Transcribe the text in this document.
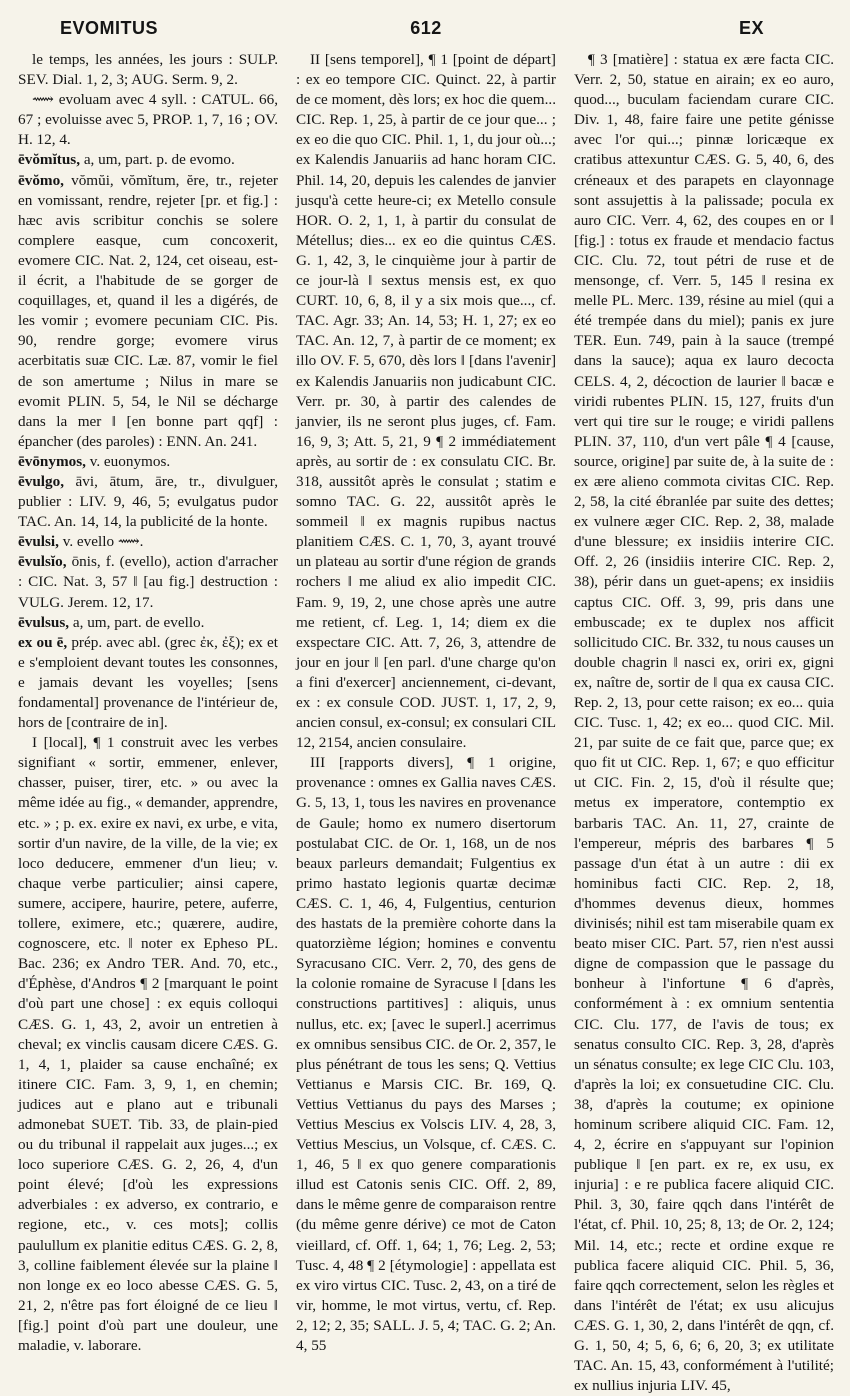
EVOMITUS	612	EX

le temps, les années, les jours : SULP. SEV. Dial. 1, 2, 3; AUG. Serm. 9, 2.

⟿ evoluam avec 4 syll. : CATUL. 66, 67 ; evoluisse avec 5, PROP. 1, 7, 16 ; OV. H. 12, 4.

ēvŏmĭtus, a, um, part. p. de evomo.

ēvŏmo, vŏmŭi, vŏmĭtum, ĕre, tr., rejeter en vomissant, rendre, rejeter [pr. et fig.] : hæc avis scribitur conchis se solere complere easque, cum concoxerit, evomere CIC. Nat. 2, 124, cet oiseau, est-il écrit, a l'habitude de se gorger de coquillages, et, quand il les a digérés, de les vomir ; evomere pecuniam CIC. Pis. 90, rendre gorge; evomere virus acerbitatis suæ CIC. Læ. 87, vomir le fiel de son amertume ; Nilus in mare se evomit PLIN. 5, 54, le Nil se décharge dans la mer ‖ [en bonne part qqf] : épancher (des paroles) : ENN. An. 241.

ēvōnymos, v. euonymos.

ēvulgo, āvi, ātum, āre, tr., divulguer, publier : LIV. 9, 46, 5; evulgatus pudor TAC. An. 14, 14, la publicité de la honte.

ēvulsi, v. evello ⟿.

ēvulsĭo, ōnis, f. (evello), action d'arracher : CIC. Nat. 3, 57 ‖ [au fig.] destruction : VULG. Jerem. 12, 17.

ēvulsus, a, um, part. de evello.

ex ou ē, prép. avec abl. (grec ἐκ, ἐξ); ex et e s'emploient devant toutes les consonnes, e jamais devant les voyelles; [sens fondamental] provenance de l'intérieur de, hors de [contraire de in].

I [local], ¶ 1 construit avec les verbes signifiant « sortir, emmener, enlever, chasser, puiser, tirer, etc. » ou avec la même idée au fig., « demander, apprendre, etc. » ; p. ex. exire ex navi, ex urbe, e vita, sortir d'un navire, de la ville, de la vie; ex loco deducere, emmener d'un lieu; v. chaque verbe particulier; ainsi capere, sumere, accipere, haurire, petere, auferre, tollere, eximere, etc.; quærere, audire, cognoscere, etc. ‖ noter ex Epheso PL. Bac. 236; ex Andro TER. And. 70, etc., d'Éphèse, d'Andros ¶ 2 [marquant le point d'où part une chose] : ex equis colloqui CÆS. G. 1, 43, 2, avoir un entretien à cheval; ex vinclis causam dicere CÆS. G. 1, 4, 1, plaider sa cause enchaîné; ex itinere CIC. Fam. 3, 9, 1, en chemin; judices aut e plano aut e tribunali admonebat SUET. Tib. 33, de plain-pied ou du tribunal il rappelait aux juges...; ex loco superiore CÆS. G. 2, 26, 4, d'un point élevé; [d'où les expressions adverbiales : ex adverso, ex contrario, e regione, etc., v. ces mots]; collis paulullum ex planitie editus CÆS. G. 2, 8, 3, colline faiblement élevée sur la plaine ‖ non longe ex eo loco abesse CÆS. G. 5, 21, 2, n'être pas fort éloigné de ce lieu ‖ [fig.] point d'où part une douleur, une maladie, v. laborare.

II [sens temporel], ¶ 1 [point de départ] : ex eo tempore CIC. Quinct. 22, à partir de ce moment, dès lors; ex hoc die quem... CIC. Rep. 1, 25, à partir de ce jour que... ; ex eo die quo CIC. Phil. 1, 1, du jour où...; ex Kalendis Januariis ad hanc horam CIC. Phil. 14, 20, depuis les calendes de janvier jusqu'à cette heure-ci; ex Metello consule HOR. O. 2, 1, 1, à partir du consulat de Métellus; dies... ex eo die quintus CÆS. G. 1, 42, 3, le cinquième jour à partir de ce jour-là ‖ sextus mensis est, ex quo CURT. 10, 6, 8, il y a six mois que..., cf. TAC. Agr. 33; An. 14, 53; H. 1, 27; ex eo TAC. An. 12, 7, à partir de ce moment; ex illo OV. F. 5, 670, dès lors ‖ [dans l'avenir] ex Kalendis Januariis non judicabunt CIC. Verr. pr. 30, à partir des calendes de janvier, ils ne seront plus juges, cf. Fam. 16, 9, 3; Att. 5, 21, 9 ¶ 2 immédiatement après, au sortir de : ex consulatu CIC. Br. 318, aussitôt après le consulat ; statim e somno TAC. G. 22, aussitôt après le sommeil ‖ ex magnis rupibus nactus planitiem CÆS. C. 1, 70, 3, ayant trouvé un plateau au sortir d'une région de grands rochers ‖ me aliud ex alio impedit CIC. Fam. 9, 19, 2, une chose après une autre me retient, cf. Leg. 1, 14; diem ex die exspectare CIC. Att. 7, 26, 3, attendre de jour en jour ‖ [en parl. d'une charge qu'on a fini d'exercer] anciennement, ci-devant, ex : ex consule COD. JUST. 1, 17, 2, 9, ancien consul, ex-consul; ex consulari CIL 12, 2154, ancien consulaire.

III [rapports divers], ¶ 1 origine, provenance : omnes ex Gallia naves CÆS. G. 5, 13, 1, tous les navires en provenance de Gaule; homo ex numero disertorum postulabat CIC. de Or. 1, 168, un de nos beaux parleurs demandait; Fulgentius ex primo hastato legionis quartæ decimæ CÆS. C. 1, 46, 4, Fulgentius, centurion des hastats de la première cohorte dans la quatorzième légion; homines e conventu Syracusano CIC. Verr. 2, 70, des gens de la colonie romaine de Syracuse ‖ [dans les constructions partitives] : aliquis, unus nullus, etc. ex; [avec le superl.] acerrimus ex omnibus sensibus CIC. de Or. 2, 357, le plus pénétrant de tous les sens; Q. Vettius Vettianus e Marsis CIC. Br. 169, Q. Vettius Vettianus du pays des Marses ; Vettius Mescius ex Volscis LIV. 4, 28, 3, Vettius Mescius, un Volsque, cf. CÆS. C. 1, 46, 5 ‖ ex quo genere comparationis illud est Catonis senis CIC. Off. 2, 89, dans le même genre de comparaison rentre (du même genre dérive) ce mot de Caton vieillard, cf. Off. 1, 64; 1, 76; Leg. 2, 53; Tusc. 4, 48 ¶ 2 [étymologie] : appellata est ex viro virtus CIC. Tusc. 2, 43, on a tiré de vir, homme, le mot virtus, vertu, cf. Rep. 2, 12; 2, 35; SALL. J. 5, 4; TAC. G. 2; An. 4, 55

¶ 3 [matière] : statua ex ære facta CIC. Verr. 2, 50, statue en airain; ex eo auro, quod..., buculam faciendam curare CIC. Div. 1, 48, faire faire une petite génisse avec l'or qui...; pinnæ loricæque ex cratibus attexuntur CÆS. G. 5, 40, 6, des créneaux et des parapets en clayonnage sont assujettis à la palissade; pocula ex auro CIC. Verr. 4, 62, des coupes en or ‖ [fig.] : totus ex fraude et mendacio factus CIC. Clu. 72, tout pétri de ruse et de mensonge, cf. Verr. 5, 145 ‖ resina ex melle PL. Merc. 139, résine au miel (qui a été trempée dans du miel); panis ex jure TER. Eun. 749, pain à la sauce (trempé dans la sauce); aqua ex lauro decocta CELS. 4, 2, décoction de laurier ‖ bacæ e viridi rubentes PLIN. 15, 127, fruits d'un vert qui tire sur le rouge; e viridi pallens PLIN. 37, 110, d'un vert pâle ¶ 4 [cause, source, origine] par suite de, à la suite de : ex ære alieno commota civitas CIC. Rep. 2, 58, la cité ébranlée par suite des dettes; ex vulnere æger CIC. Rep. 2, 38, malade d'une blessure; ex insidiis interire CIC. Off. 2, 26 (insidiis interire CIC. Rep. 2, 38), périr dans un guet-apens; ex insidiis captus CIC. Off. 3, 99, pris dans une embuscade; ex te duplex nos afficit sollicitudo CIC. Br. 332, tu nous causes un double chagrin ‖ nasci ex, oriri ex, gigni ex, naître de, sortir de ‖ qua ex causa CIC. Rep. 2, 13, pour cette raison; ex eo... quia CIC. Tusc. 1, 42; ex eo... quod CIC. Mil. 21, par suite de ce fait que, parce que; ex quo fit ut CIC. Rep. 1, 67; e quo efficitur ut CIC. Fin. 2, 15, d'où il résulte que; metus ex imperatore, contemptio ex barbaris TAC. An. 11, 27, crainte de l'empereur, mépris des barbares ¶ 5 passage d'un état à un autre : dii ex hominibus facti CIC. Rep. 2, 18, d'hommes devenus dieux, hommes divinisés; nihil est tam miserabile quam ex beato miser CIC. Part. 57, rien n'est aussi digne de compassion que le passage du bonheur à l'infortune ¶ 6 d'après, conformément à : ex omnium sententia CIC. Clu. 177, de l'avis de tous; ex senatus consulto CIC. Rep. 3, 28, d'après un sénatus consulte; ex lege CIC Clu. 103, d'après la loi; ex consuetudine CIC. Clu. 38, d'après la coutume; ex opinione hominum scribere aliquid CIC. Fam. 12, 4, 2, écrire en s'appuyant sur l'opinion publique ‖ [en part. ex re, ex usu, ex injuria] : e re publica facere aliquid CIC. Phil. 3, 30, faire qqch dans l'intérêt de l'état, cf. Phil. 10, 25; 8, 13; de Or. 2, 124; Mil. 14, etc.; recte et ordine exque re publica facere aliquid CIC. Phil. 5, 36, faire qqch correctement, selon les règles et dans l'intérêt de l'état; ex usu alicujus CÆS. G. 1, 30, 2, dans l'intérêt de qqn, cf. G. 1, 50, 4; 5, 6, 6; 6, 20, 3; ex utilitate TAC. An. 15, 43, conformément à l'utilité; ex nullius injuria LIV. 45,
